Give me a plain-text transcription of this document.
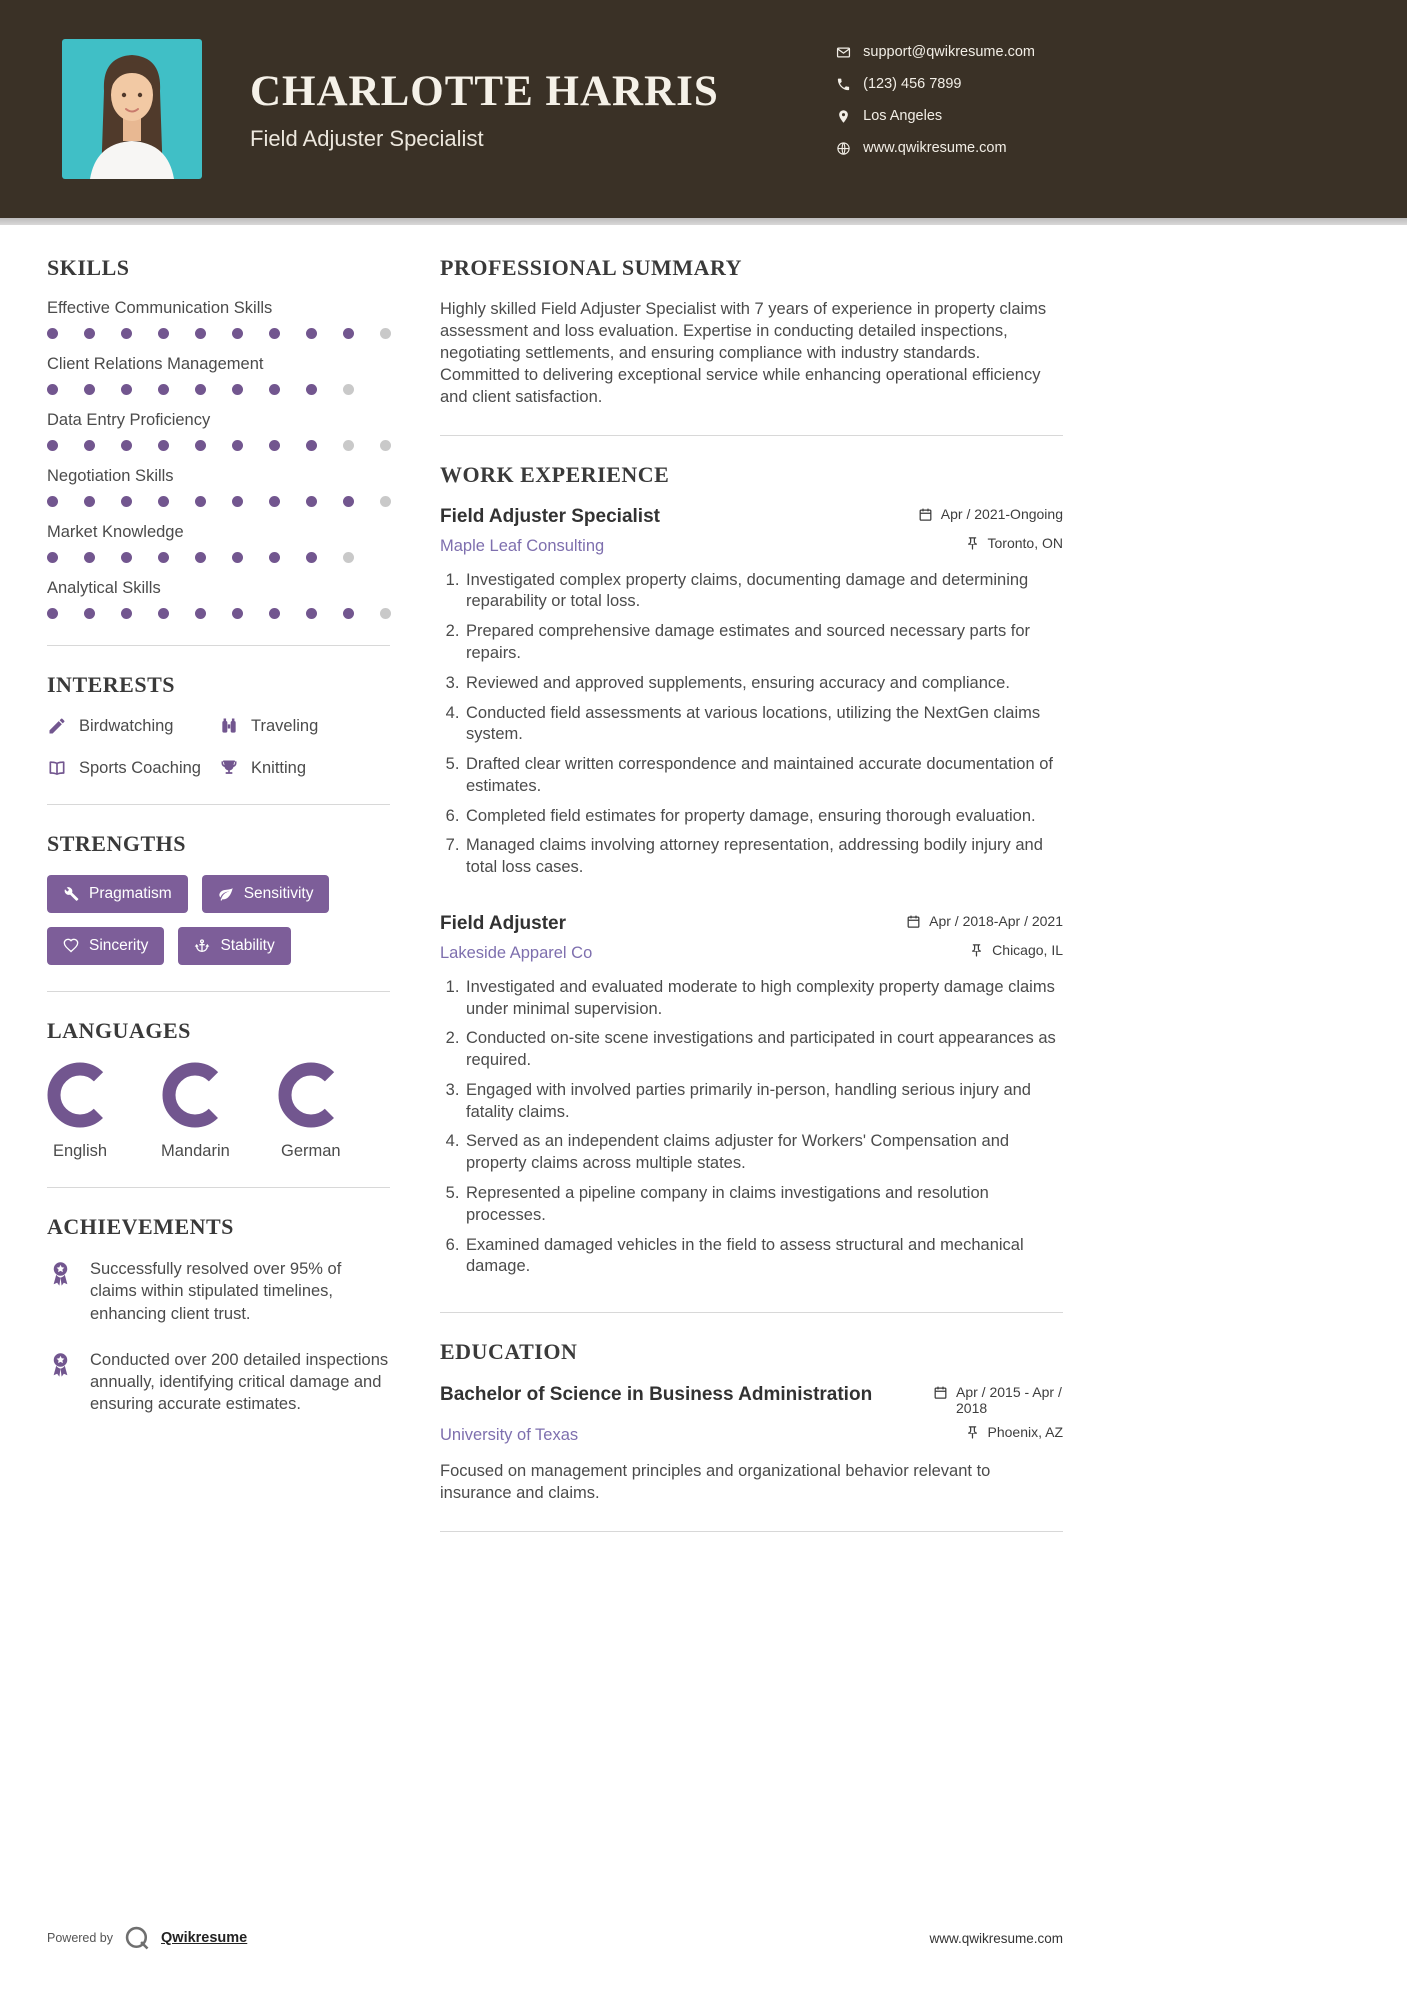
CHARLOTTE HARRIS
Field Adjuster Specialist
support@qwikresume.com
(123) 456 7899
Los Angeles
www.qwikresume.com
SKILLS
Effective Communication Skills
Client Relations Management
Data Entry Proficiency
Negotiation Skills
Market Knowledge
Analytical Skills
INTERESTS
Birdwatching	Traveling
Sports Coaching	Knitting
STRENGTHS
Pragmatism	Sensitivity
Sincerity	Stability
LANGUAGES
English	Mandarin	German
ACHIEVEMENTS
Successfully resolved over 95% of claims within stipulated timelines, enhancing client trust.
Conducted over 200 detailed inspections annually, identifying critical damage and ensuring accurate estimates.
PROFESSIONAL SUMMARY

Highly skilled Field Adjuster Specialist with 7 years of experience in property claims assessment and loss evaluation. Expertise in conducting detailed inspections, negotiating settlements, and ensuring compliance with industry standards. Committed to delivering exceptional service while enhancing operational efficiency and client satisfaction.

WORK EXPERIENCE
Field Adjuster Specialist	Apr / 2021-Ongoing
Maple Leaf Consulting	Toronto, ON
1. Investigated complex property claims, documenting damage and determining reparability or total loss.
2. Prepared comprehensive damage estimates and sourced necessary parts for repairs.
3. Reviewed and approved supplements, ensuring accuracy and compliance.
4. Conducted field assessments at various locations, utilizing the NextGen claims system.
5. Drafted clear written correspondence and maintained accurate documentation of estimates.
6. Completed field estimates for property damage, ensuring thorough evaluation.
7. Managed claims involving attorney representation, addressing bodily injury and total loss cases.
Field Adjuster	Apr / 2018-Apr / 2021
Lakeside Apparel Co	Chicago, IL
1. Investigated and evaluated moderate to high complexity property damage claims under minimal supervision.
2. Conducted on-site scene investigations and participated in court appearances as required.
3. Engaged with involved parties primarily in-person, handling serious injury and fatality claims.
4. Served as an independent claims adjuster for Workers' Compensation and property claims across multiple states.
5. Represented a pipeline company in claims investigations and resolution processes.
6. Examined damaged vehicles in the field to assess structural and mechanical damage.
EDUCATION
Bachelor of Science in Business Administration	Apr / 2015 - Apr / 2018
University of Texas	Phoenix, AZ

Focused on management principles and organizational behavior relevant to insurance and claims.

Powered by	Qwikresume	www.qwikresume.com
